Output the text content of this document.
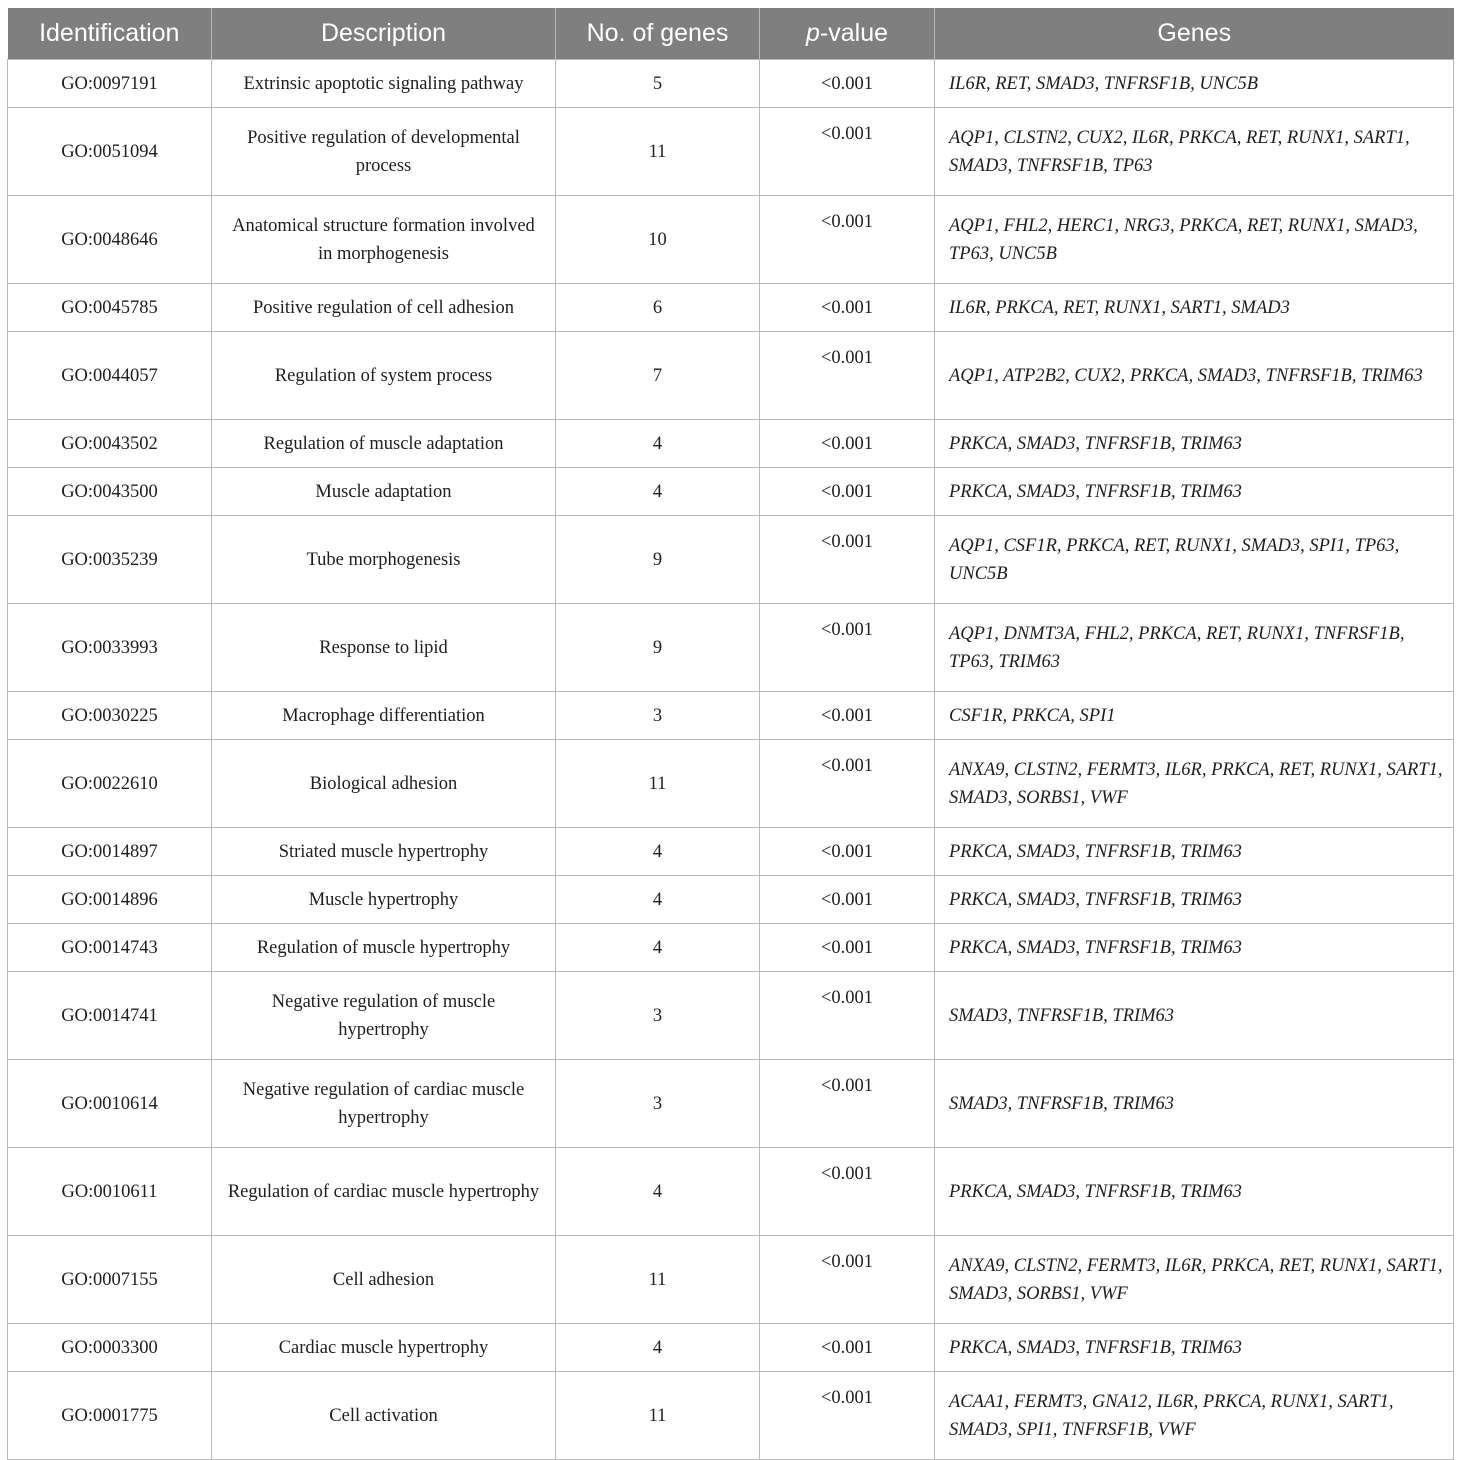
Identification	Description	No. of genes	p-value	Genes
GO:0097191	Extrinsic apoptotic signaling pathway	5	<0.001	IL6R, RET, SMAD3, TNFRSF1B, UNC5B
GO:0051094	Positive regulation of developmental process	11	<0.001	AQP1, CLSTN2, CUX2, IL6R, PRKCA, RET, RUNX1, SART1, SMAD3, TNFRSF1B, TP63
GO:0048646	Anatomical structure formation involved in morphogenesis	10	<0.001	AQP1, FHL2, HERC1, NRG3, PRKCA, RET, RUNX1, SMAD3, TP63, UNC5B
GO:0045785	Positive regulation of cell adhesion	6	<0.001	IL6R, PRKCA, RET, RUNX1, SART1, SMAD3
GO:0044057	Regulation of system process	7	<0.001	AQP1, ATP2B2, CUX2, PRKCA, SMAD3, TNFRSF1B, TRIM63
GO:0043502	Regulation of muscle adaptation	4	<0.001	PRKCA, SMAD3, TNFRSF1B, TRIM63
GO:0043500	Muscle adaptation	4	<0.001	PRKCA, SMAD3, TNFRSF1B, TRIM63
GO:0035239	Tube morphogenesis	9	<0.001	AQP1, CSF1R, PRKCA, RET, RUNX1, SMAD3, SPI1, TP63, UNC5B
GO:0033993	Response to lipid	9	<0.001	AQP1, DNMT3A, FHL2, PRKCA, RET, RUNX1, TNFRSF1B, TP63, TRIM63
GO:0030225	Macrophage differentiation	3	<0.001	CSF1R, PRKCA, SPI1
GO:0022610	Biological adhesion	11	<0.001	ANXA9, CLSTN2, FERMT3, IL6R, PRKCA, RET, RUNX1, SART1, SMAD3, SORBS1, VWF
GO:0014897	Striated muscle hypertrophy	4	<0.001	PRKCA, SMAD3, TNFRSF1B, TRIM63
GO:0014896	Muscle hypertrophy	4	<0.001	PRKCA, SMAD3, TNFRSF1B, TRIM63
GO:0014743	Regulation of muscle hypertrophy	4	<0.001	PRKCA, SMAD3, TNFRSF1B, TRIM63
GO:0014741	Negative regulation of muscle hypertrophy	3	<0.001	SMAD3, TNFRSF1B, TRIM63
GO:0010614	Negative regulation of cardiac muscle hypertrophy	3	<0.001	SMAD3, TNFRSF1B, TRIM63
GO:0010611	Regulation of cardiac muscle hypertrophy	4	<0.001	PRKCA, SMAD3, TNFRSF1B, TRIM63
GO:0007155	Cell adhesion	11	<0.001	ANXA9, CLSTN2, FERMT3, IL6R, PRKCA, RET, RUNX1, SART1, SMAD3, SORBS1, VWF
GO:0003300	Cardiac muscle hypertrophy	4	<0.001	PRKCA, SMAD3, TNFRSF1B, TRIM63
GO:0001775	Cell activation	11	<0.001	ACAA1, FERMT3, GNA12, IL6R, PRKCA, RUNX1, SART1, SMAD3, SPI1, TNFRSF1B, VWF
